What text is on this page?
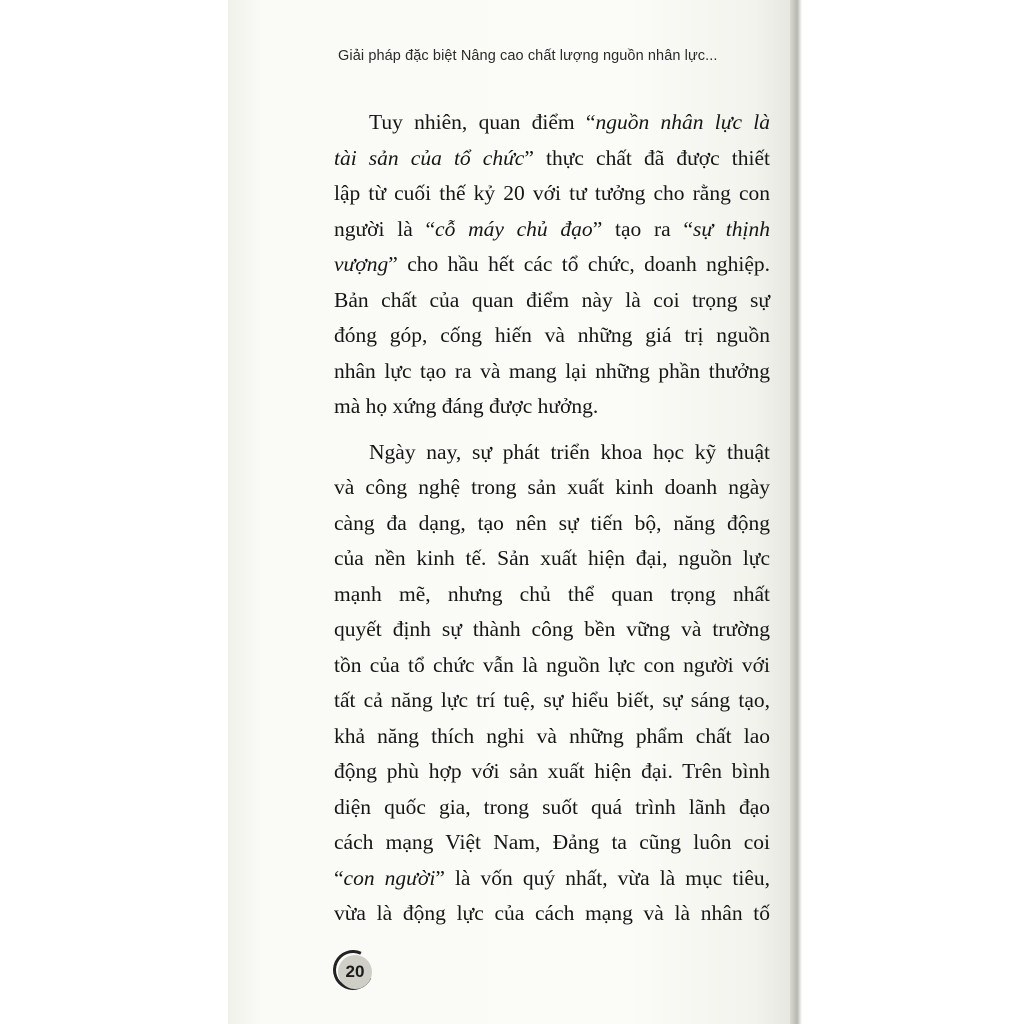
Giải pháp đặc biệt Nâng cao chất lượng nguồn nhân lực...
Tuy nhiên, quan điểm “nguồn nhân lực là
tài sản của tổ chức” thực chất đã được thiết
lập từ cuối thế kỷ 20 với tư tưởng cho rằng con
người là “cỗ máy chủ đạo” tạo ra “sự thịnh
vượng” cho hầu hết các tổ chức, doanh nghiệp.
Bản chất của quan điểm này là coi trọng sự
đóng góp, cống hiến và những giá trị nguồn
nhân lực tạo ra và mang lại những phần thưởng
mà họ xứng đáng được hưởng.
Ngày nay, sự phát triển khoa học kỹ thuật
và công nghệ trong sản xuất kinh doanh ngày
càng đa dạng, tạo nên sự tiến bộ, năng động
của nền kinh tế. Sản xuất hiện đại, nguồn lực
mạnh mẽ, nhưng chủ thể quan trọng nhất
quyết định sự thành công bền vững và trường
tồn của tổ chức vẫn là nguồn lực con người với
tất cả năng lực trí tuệ, sự hiểu biết, sự sáng tạo,
khả năng thích nghi và những phẩm chất lao
động phù hợp với sản xuất hiện đại. Trên bình
diện quốc gia, trong suốt quá trình lãnh đạo
cách mạng Việt Nam, Đảng ta cũng luôn coi
“con người” là vốn quý nhất, vừa là mục tiêu,
vừa là động lực của cách mạng và là nhân tố
20
